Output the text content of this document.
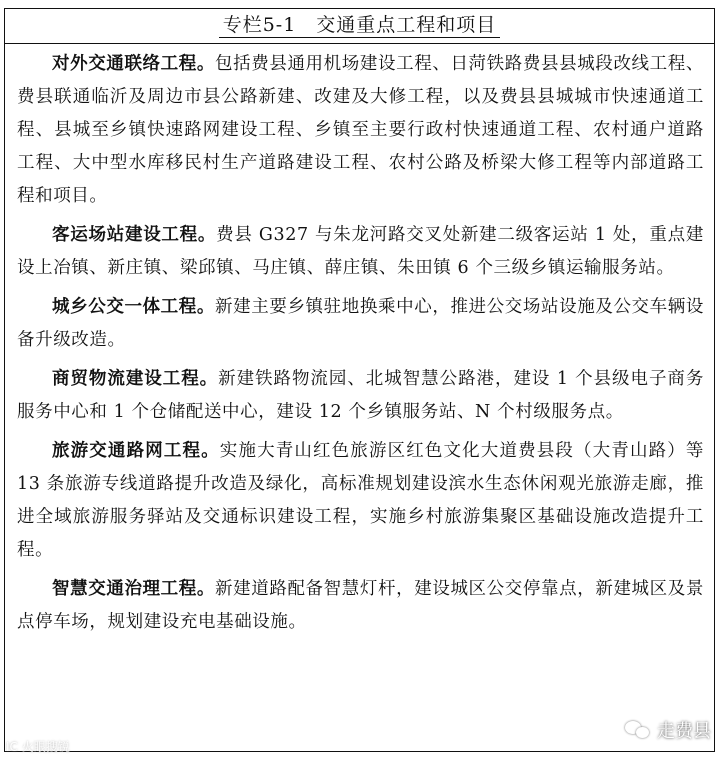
专栏5-1　交通重点工程和项目

对外交通联络工程。包括费县通用机场建设工程、日菏铁路费县县城段改线工程、费县联通临沂及周边市县公路新建、改建及大修工程，以及费县县城城市快速通道工程、县城至乡镇快速路网建设工程、乡镇至主要行政村快速通道工程、农村通户道路工程、大中型水库移民村生产道路建设工程、农村公路及桥梁大修工程等内部道路工程和项目。

客运场站建设工程。费县 G327 与朱龙河路交叉处新建二级客运站 1 处，重点建设上冶镇、新庄镇、梁邱镇、马庄镇、薛庄镇、朱田镇 6 个三级乡镇运输服务站。

城乡公交一体工程。新建主要乡镇驻地换乘中心，推进公交场站设施及公交车辆设备升级改造。

商贸物流建设工程。新建铁路物流园、北城智慧公路港，建设 1 个县级电子商务服务中心和 1 个仓储配送中心，建设 12 个乡镇服务站、N 个村级服务点。

旅游交通路网工程。实施大青山红色旅游区红色文化大道费县段（大青山路）等 13 条旅游专线道路提升改造及绿化，高标准规划建设滨水生态休闲观光旅游走廊，推进全域旅游服务驿站及交通标识建设工程，实施乡村旅游集聚区基础设施改造提升工程。

智慧交通治理工程。新建道路配备智慧灯杆，建设城区公交停靠点，新建城区及景点停车场，规划建设充电基础设施。

走费县
IC 火眼搜锐
